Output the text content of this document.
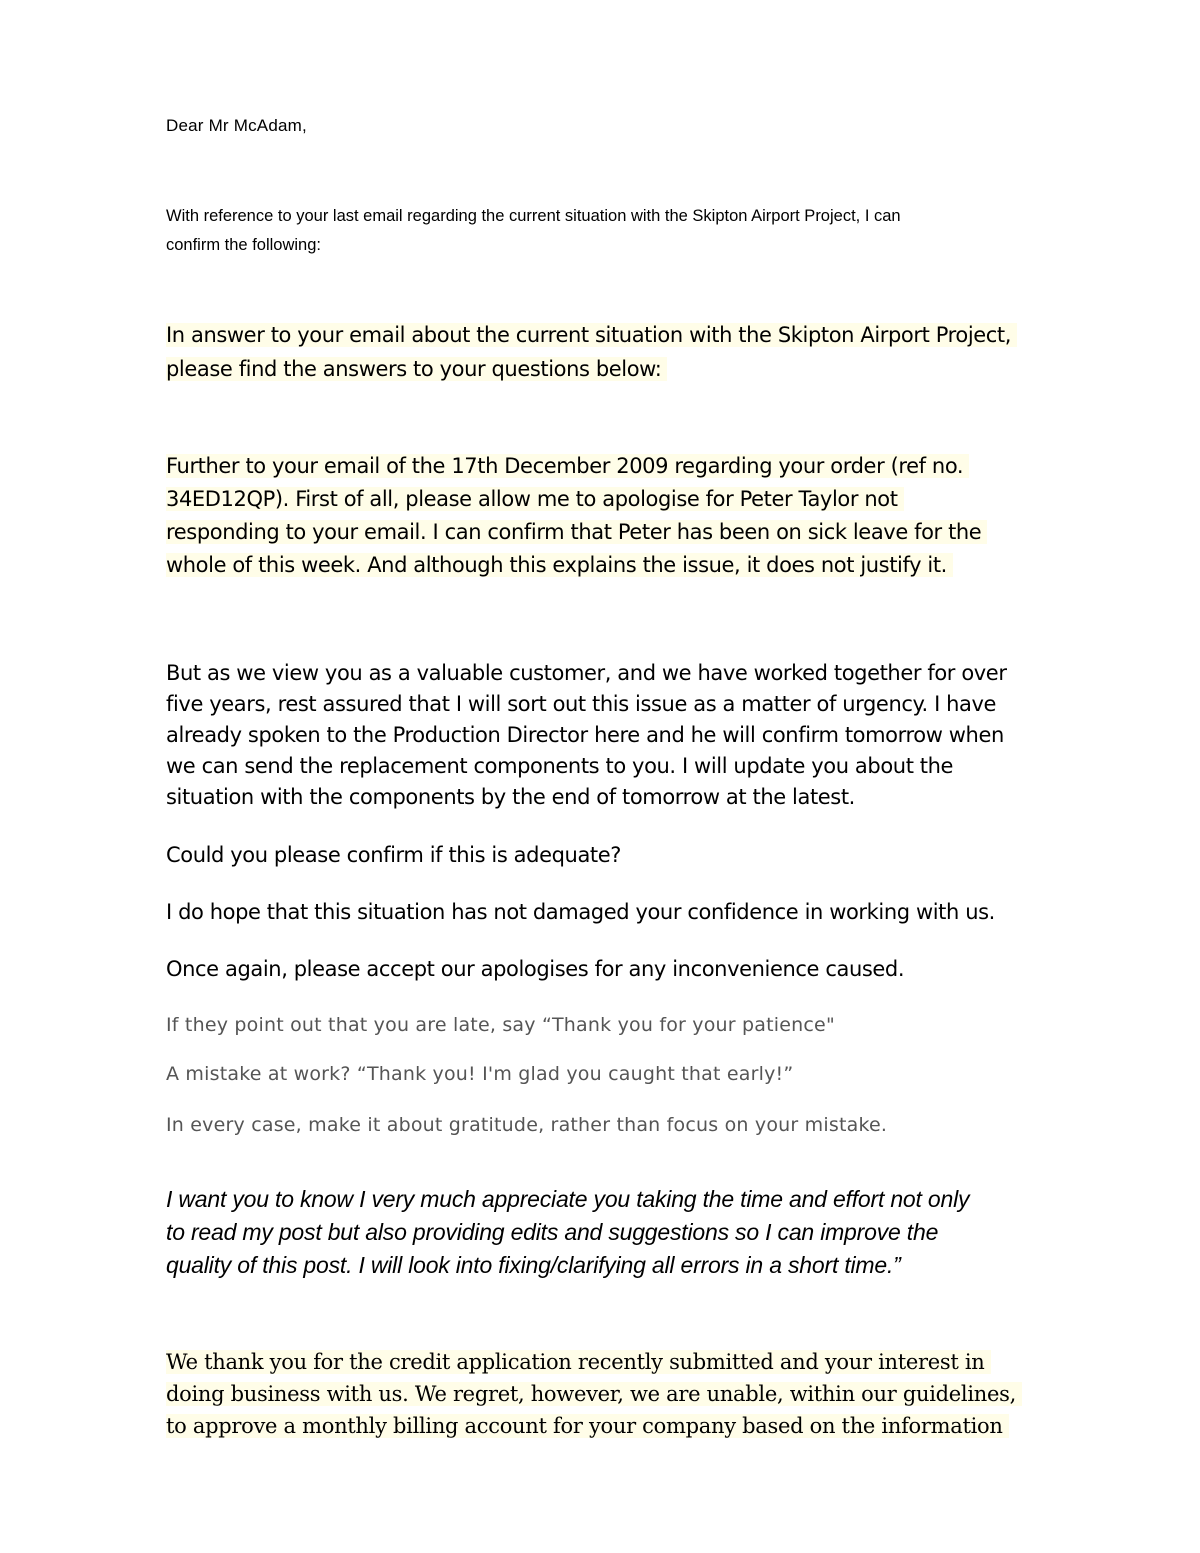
Dear Mr McAdam,

With reference to your last email regarding the current situation with the Skipton Airport Project, I can
confirm the following:

In answer to your email about the current situation with the Skipton Airport Project,
please find the answers to your questions below:

Further to your email of the 17th December 2009 regarding your order (ref no.
34ED12QP). First of all, please allow me to apologise for Peter Taylor not
responding to your email. I can confirm that Peter has been on sick leave for the
whole of this week. And although this explains the issue, it does not justify it.

But as we view you as a valuable customer, and we have worked together for over
five years, rest assured that I will sort out this issue as a matter of urgency. I have
already spoken to the Production Director here and he will confirm tomorrow when
we can send the replacement components to you. I will update you about the
situation with the components by the end of tomorrow at the latest.

Could you please confirm if this is adequate?

I do hope that this situation has not damaged your confidence in working with us.

Once again, please accept our apologises for any inconvenience caused.

If they point out that you are late, say “Thank you for your patience"

A mistake at work? “Thank you! I'm glad you caught that early!”

In every case, make it about gratitude, rather than focus on your mistake.

I want you to know I very much appreciate you taking the time and effort not only
to read my post but also providing edits and suggestions so I can improve the
quality of this post. I will look into fixing/clarifying all errors in a short time.”

We thank you for the credit application recently submitted and your interest in
doing business with us. We regret, however, we are unable, within our guidelines,
to approve a monthly billing account for your company based on the information
